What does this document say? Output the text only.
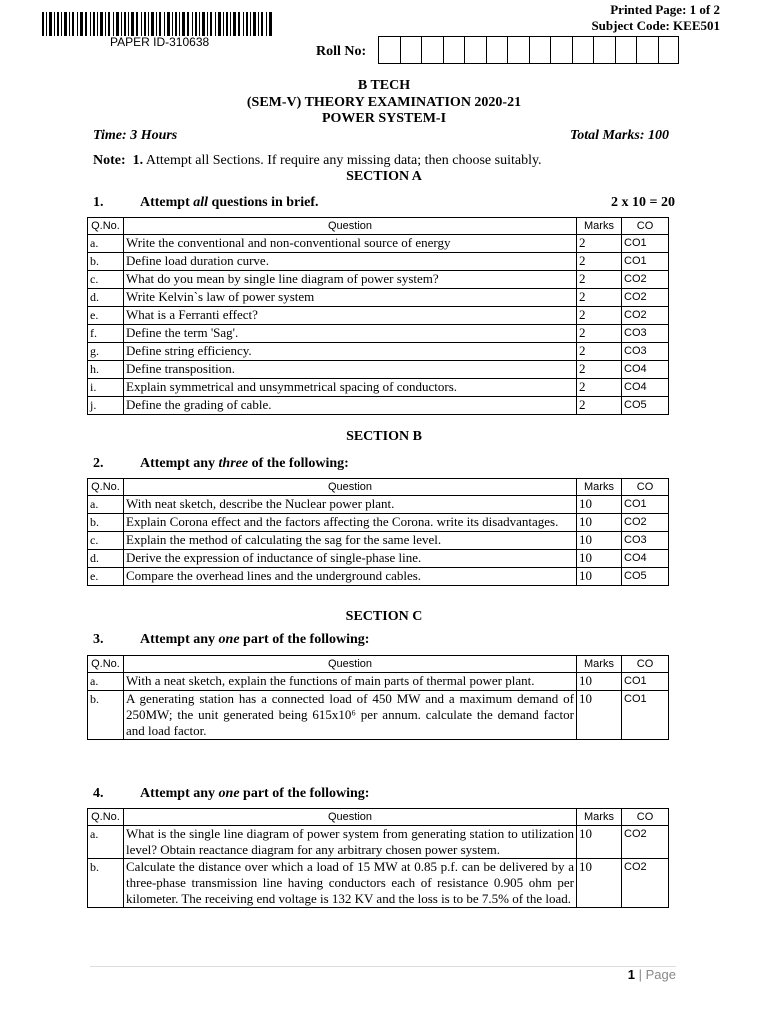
PAPER ID-310638
Printed Page: 1 of 2
Subject Code: KEE501
Roll No:
B TECH
(SEM-V) THEORY EXAMINATION 2020-21
POWER SYSTEM-I
Time: 3 Hours	Total Marks: 100
Note: 1. Attempt all Sections. If require any missing data; then choose suitably.
SECTION A
1.	Attempt all questions in brief.	2 x 10 = 20
Q.No.	Question	Marks	CO
a.	Write the conventional and non-conventional source of energy	2	CO1
b.	Define load duration curve.	2	CO1
c.	What do you mean by single line diagram of power system?	2	CO2
d.	Write Kelvin`s law of power system	2	CO2
e.	What is a Ferranti effect?	2	CO2
f.	Define the term 'Sag'.	2	CO3
g.	Define string efficiency.	2	CO3
h.	Define transposition.	2	CO4
i.	Explain symmetrical and unsymmetrical spacing of conductors.	2	CO4
j.	Define the grading of cable.	2	CO5
SECTION B
2.	Attempt any three of the following:
Q.No.	Question	Marks	CO
a.	With neat sketch, describe the Nuclear power plant.	10	CO1
b.	Explain Corona effect and the factors affecting the Corona. write its disadvantages.	10	CO2
c.	Explain the method of calculating the sag for the same level.	10	CO3
d.	Derive the expression of inductance of single-phase line.	10	CO4
e.	Compare the overhead lines and the underground cables.	10	CO5
SECTION C
3.	Attempt any one part of the following:
Q.No.	Question	Marks	CO
a.	With a neat sketch, explain the functions of main parts of thermal power plant.	10	CO1
b.	A generating station has a connected load of 450 MW and a maximum demand of 250MW; the unit generated being 615x10⁶ per annum. calculate the demand factor and load factor.	10	CO1
4.	Attempt any one part of the following:
Q.No.	Question	Marks	CO
a.	What is the single line diagram of power system from generating station to utilization level? Obtain reactance diagram for any arbitrary chosen power system.	10	CO2
b.	Calculate the distance over which a load of 15 MW at 0.85 p.f. can be delivered by a three-phase transmission line having conductors each of resistance 0.905 ohm per kilometer. The receiving end voltage is 132 KV and the loss is to be 7.5% of the load.	10	CO2
1 | Page
